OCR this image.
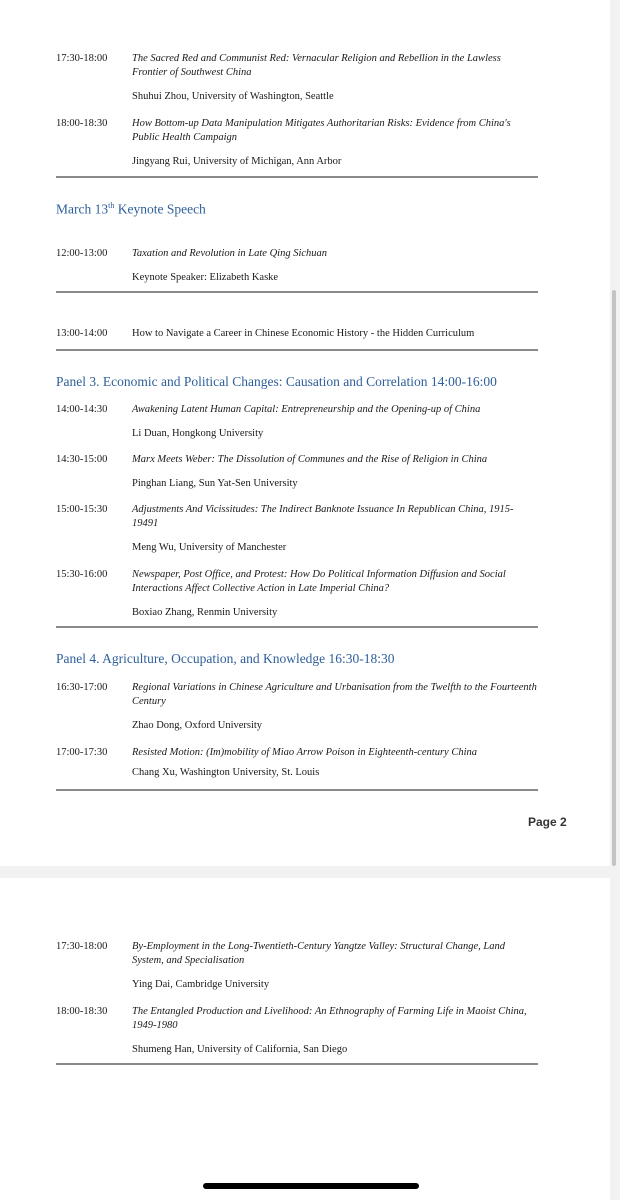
17:30-18:00	The Sacred Red and Communist Red: Vernacular Religion and Rebellion in the Lawless Frontier of Southwest China
Shuhui Zhou, University of Washington, Seattle
18:00-18:30	How Bottom-up Data Manipulation Mitigates Authoritarian Risks: Evidence from China's Public Health Campaign
Jingyang Rui, University of Michigan, Ann Arbor
March 13th Keynote Speech
12:00-13:00	Taxation and Revolution in Late Qing Sichuan
Keynote Speaker: Elizabeth Kaske
13:00-14:00	How to Navigate a Career in Chinese Economic History - the Hidden Curriculum
Panel 3. Economic and Political Changes: Causation and Correlation 14:00-16:00
14:00-14:30	Awakening Latent Human Capital: Entrepreneurship and the Opening-up of China
Li Duan, Hongkong University
14:30-15:00	Marx Meets Weber: The Dissolution of Communes and the Rise of Religion in China
Pinghan Liang, Sun Yat-Sen University
15:00-15:30	Adjustments And Vicissitudes: The Indirect Banknote Issuance In Republican China, 1915-19491
Meng Wu, University of Manchester
15:30-16:00	Newspaper, Post Office, and Protest: How Do Political Information Diffusion and Social Interactions Affect Collective Action in Late Imperial China?
Boxiao Zhang, Renmin University
Panel 4. Agriculture, Occupation, and Knowledge 16:30-18:30
16:30-17:00	Regional Variations in Chinese Agriculture and Urbanisation from the Twelfth to the Fourteenth Century
Zhao Dong, Oxford University
17:00-17:30	Resisted Motion: (Im)mobility of Miao Arrow Poison in Eighteenth-century China
Chang Xu, Washington University, St. Louis
Page 2
17:30-18:00	By-Employment in the Long-Twentieth-Century Yangtze Valley: Structural Change, Land System, and Specialisation
Ying Dai, Cambridge University
18:00-18:30	The Entangled Production and Livelihood: An Ethnography of Farming Life in Maoist China, 1949-1980
Shumeng Han, University of California, San Diego
